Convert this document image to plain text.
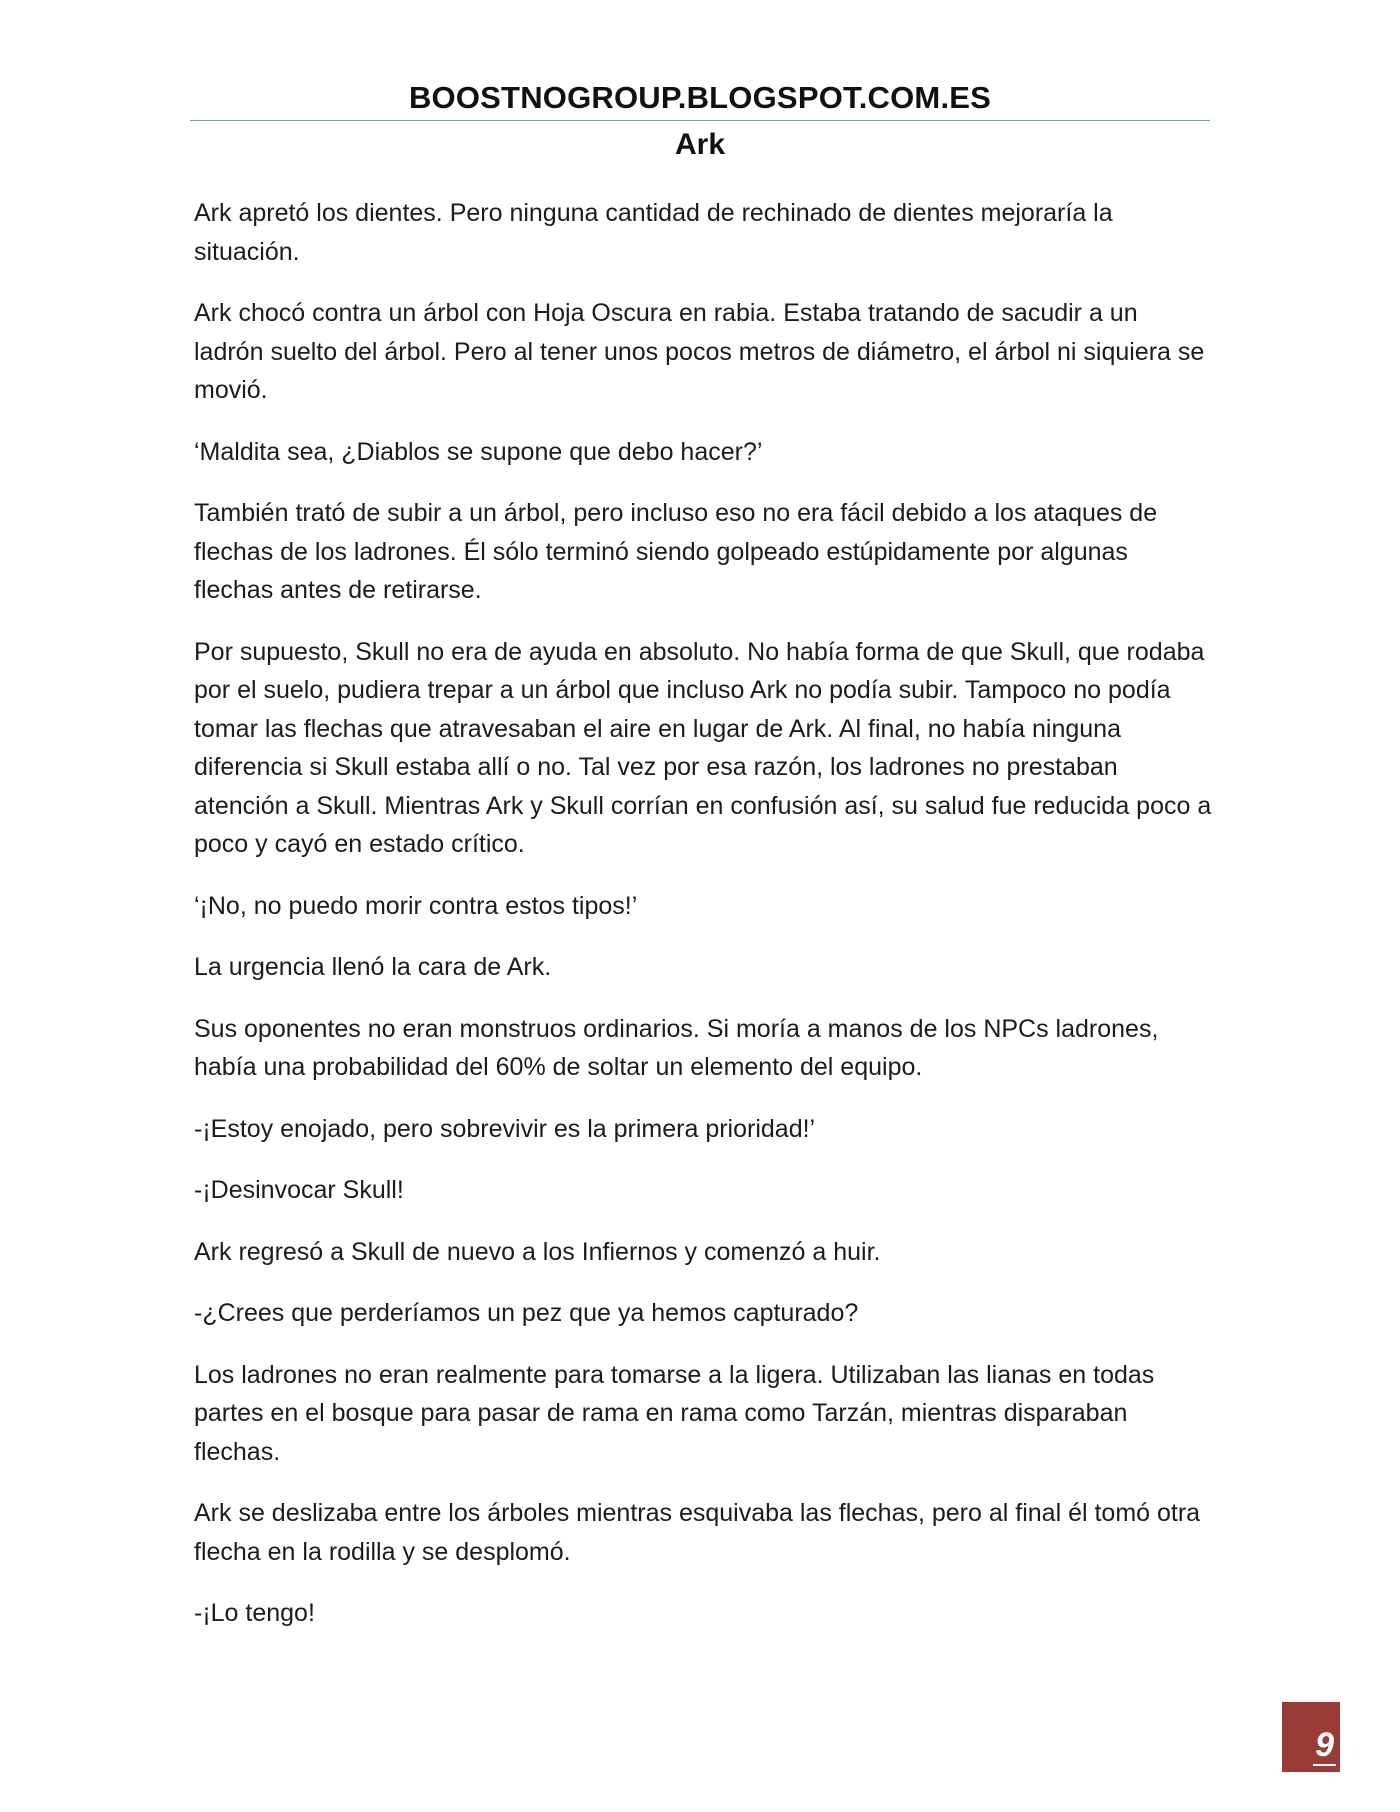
BOOSTNOGROUP.BLOGSPOT.COM.ES
Ark

Ark apretó los dientes. Pero ninguna cantidad de rechinado de dientes mejoraría la situación.

Ark chocó contra un árbol con Hoja Oscura en rabia. Estaba tratando de sacudir a un ladrón suelto del árbol. Pero al tener unos pocos metros de diámetro, el árbol ni siquiera se movió.

‘Maldita sea, ¿Diablos se supone que debo hacer?’

También trató de subir a un árbol, pero incluso eso no era fácil debido a los ataques de flechas de los ladrones. Él sólo terminó siendo golpeado estúpidamente por algunas flechas antes de retirarse.

Por supuesto, Skull no era de ayuda en absoluto. No había forma de que Skull, que rodaba por el suelo, pudiera trepar a un árbol que incluso Ark no podía subir. Tampoco no podía tomar las flechas que atravesaban el aire en lugar de Ark. Al final, no había ninguna diferencia si Skull estaba allí o no. Tal vez por esa razón, los ladrones no prestaban atención a Skull. Mientras Ark y Skull corrían en confusión así, su salud fue reducida poco a poco y cayó en estado crítico.

‘¡No, no puedo morir contra estos tipos!’

La urgencia llenó la cara de Ark.

Sus oponentes no eran monstruos ordinarios. Si moría a manos de los NPCs ladrones, había una probabilidad del 60% de soltar un elemento del equipo.

-¡Estoy enojado, pero sobrevivir es la primera prioridad!’

-¡Desinvocar Skull!

Ark regresó a Skull de nuevo a los Infiernos y comenzó a huir.

-¿Crees que perderíamos un pez que ya hemos capturado?

Los ladrones no eran realmente para tomarse a la ligera. Utilizaban las lianas en todas partes en el bosque para pasar de rama en rama como Tarzán, mientras disparaban flechas.

Ark se deslizaba entre los árboles mientras esquivaba las flechas, pero al final él tomó otra flecha en la rodilla y se desplomó.

-¡Lo tengo!

9
